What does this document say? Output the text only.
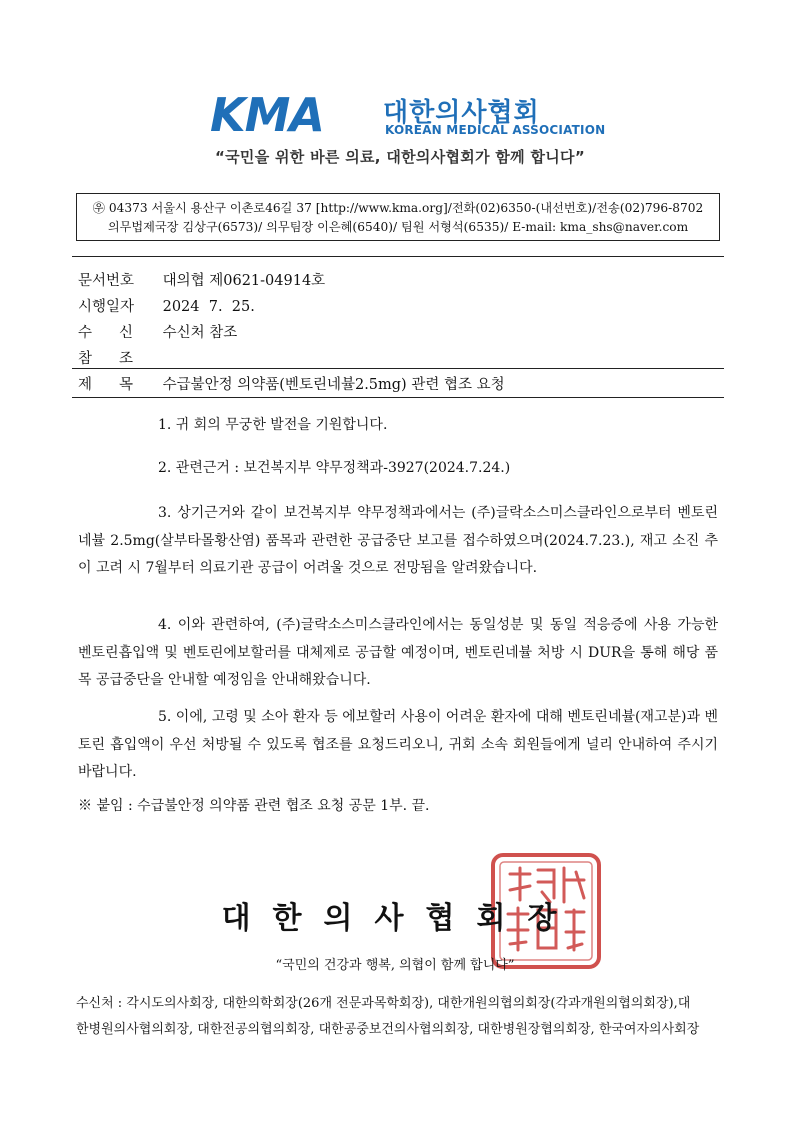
KMA 대한의사협회
KOREAN MEDICAL ASSOCIATION
“국민을 위한 바른 의료, 대한의사협회가 함께 합니다”
㉾ 04373 서울시 용산구 이촌로46길 37 [http://www.kma.org]/전화(02)6350-(내선번호)/전송(02)796-8702
의무법제국장 김상구(6573)/ 의무팀장 이은혜(6540)/ 팀원 서형석(6535)/ E-mail: kma_shs@naver.com
문서번호 대의협 제0621-04914호
시행일자 2024  7.  25.
수신 수신처 참조
참조
제목 수급불안정 의약품(벤토린네뷸2.5mg) 관련 협조 요청
1. 귀 회의 무궁한 발전을 기원합니다.
2. 관련근거 : 보건복지부 약무정책과-3927(2024.7.24.)
3. 상기근거와 같이 보건복지부 약무정책과에서는 (주)글락소스미스클라인으로부터 벤토린네뷸 2.5mg(살부타몰황산염) 품목과 관련한 공급중단 보고를 접수하였으며(2024.7.23.), 재고 소진 추이 고려 시 7월부터 의료기관 공급이 어려울 것으로 전망됨을 알려왔습니다.
4. 이와 관련하여, (주)글락소스미스클라인에서는 동일성분 및 동일 적응증에 사용 가능한 벤토린흡입액 및 벤토린에보할러를 대체제로 공급할 예정이며, 벤토린네뷸 처방 시 DUR을 통해 해당 품목 공급중단을 안내할 예정임을 안내해왔습니다.
5. 이에, 고령 및 소아 환자 등 에보할러 사용이 어려운 환자에 대해 벤토린네뷸(재고분)과 벤토린 흡입액이 우선 처방될 수 있도록 협조를 요청드리오니, 귀회 소속 회원들에게 널리 안내하여 주시기 바랍니다.
※ 붙임 : 수급불안정 의약품 관련 협조 요청 공문 1부. 끝.
대한의사협회장
“국민의 건강과 행복, 의협이 함께 합니다”
수신처 : 각시도의사회장, 대한의학회장(26개 전문과목학회장), 대한개원의협의회장(각과개원의협의회장),대
한병원의사협의회장, 대한전공의협의회장, 대한공중보건의사협의회장, 대한병원장협의회장, 한국여자의사회장
